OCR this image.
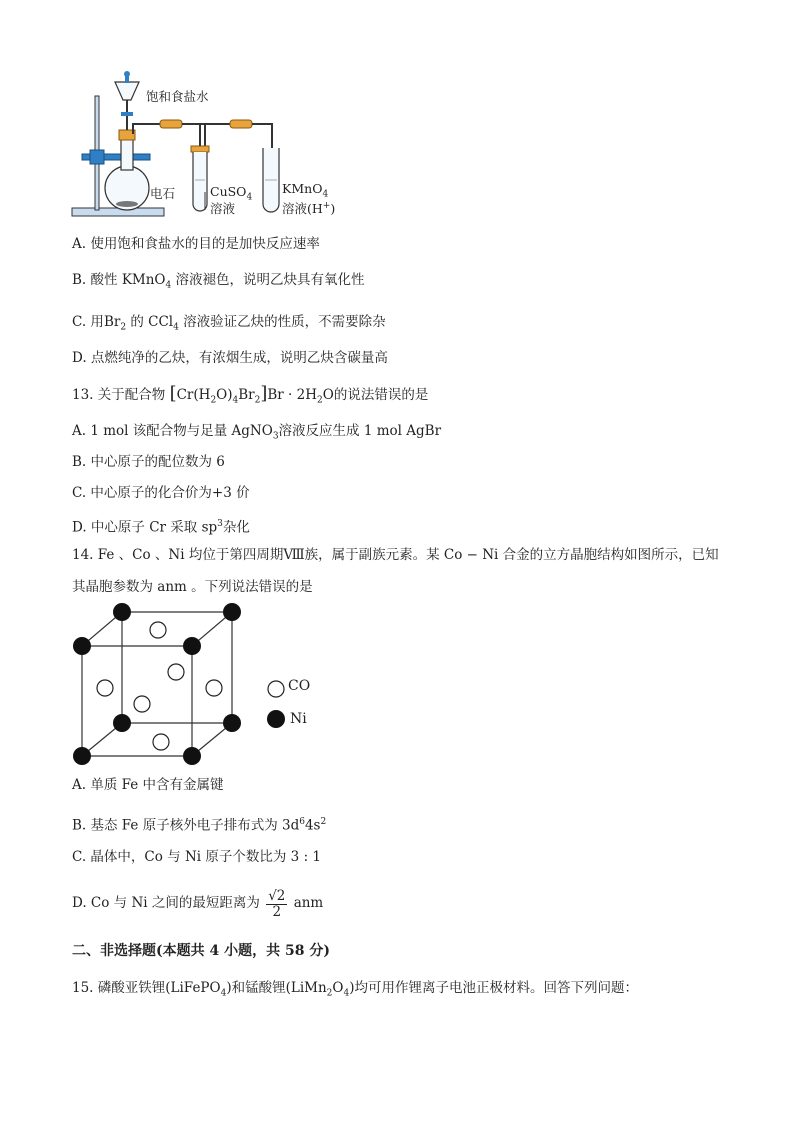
饱和食盐水
电石	CuSO$_4$
溶液
KMnO$_4$
溶液(H+)
A. 使用饱和食盐水的目的是加快反应速率
B. 酸性 KMnO$_4$ 溶液褪色，说明乙炔具有氧化性
C. 用$Br_2$ 的 CCl$_4$ 溶液验证乙炔的性质，不需要除杂
D. 点燃纯净的乙炔，有浓烟生成，说明乙炔含碳量高
13. 关于配合物 $[Cr(H_2O)_4Br_2]Br \cdot 2H_2O$的说法错误的是
A. 1 mol 该配合物与足量 AgNO$_3$溶液反应生成 1 mol AgBr
B. 中心原子的配位数为 6
C. 中心原子的化合价为+3 价
D. 中心原子 Cr 采取 $sp^3$杂化
14. Fe 、Co 、Ni 均位于第四周期Ⅷ族，属于副族元素。某 Co − Ni 合金的立方晶胞结构如图所示，已知
其晶胞参数为 anm 。下列说法错误的是
CO
Ni
A. 单质 Fe 中含有金属键
B. 基态 Fe 原子核外电子排布式为 $3d^64s^2$
C. 晶体中，Co 与 Ni 原子个数比为 3 : 1
D. Co 与 Ni 之间的最短距离为 $\frac{√2}{2}$ anm
二、非选择题(本题共 4 小题，共 58 分)
15. 磷酸亚铁锂(LiFePO$_4$)和锰酸锂$(LiMn_2O_4)$均可用作锂离子电池正极材料。回答下列问题：
